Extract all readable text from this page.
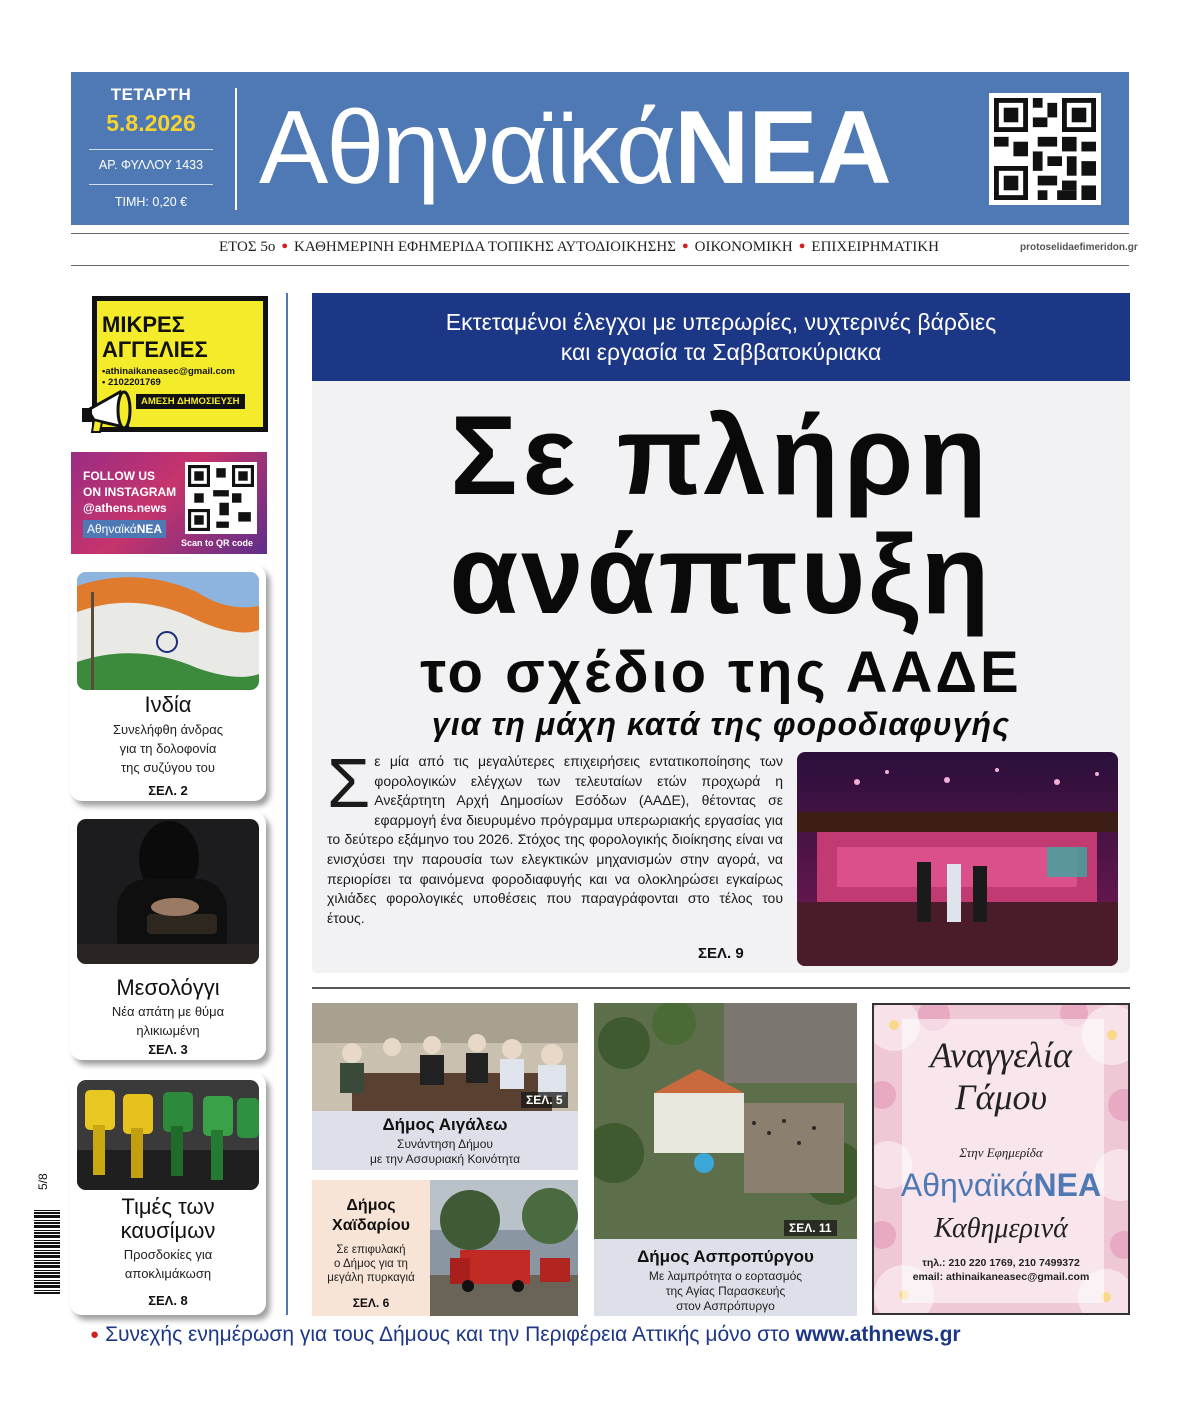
ΤΕΤΑΡΤΗ
5.8.2026
ΑΡ. ΦΥΛΛΟΥ 1433
ΤΙΜΗ: 0,20 € ΑθηναϊκάΝΕΑ
ΕΤΟΣ 5ο ● ΚΑΘΗΜΕΡΙΝΗ ΕΦΗΜΕΡΙΔΑ ΤΟΠΙΚΗΣ ΑΥΤΟΔΙΟΙΚΗΣΗΣ ● ΟΙΚΟΝΟΜΙΚΗ ● ΕΠΙΧΕΙΡΗΜΑΤΙΚΗ	protoselidaefimeridon.gr
ΜΙΚΡΕΣ
ΑΓΓΕΛΙΕΣ
•athinaikaneasec@gmail.com
• 2102201769
ΑΜΕΣΗ ΔΗΜΟΣΙΕΥΣΗ
FOLLOW US
ON INSTAGRAM
@athens.news
ΑθηναϊκάΝΕΑ
Scan to QR code
Ινδία
Συνελήφθη άνδρας
για τη δολοφονία
της συζύγου του
ΣΕΛ. 2
Μεσολόγγι
Νέα απάτη με θύμα
ηλικιωμένη
ΣΕΛ. 3
Τιμές των
καυσίμων
Προσδοκίες για
αποκλιμάκωση
ΣΕΛ. 8
5/8
Εκτεταμένοι έλεγχοι με υπερωρίες, νυχτερινές βάρδιες
και εργασία τα Σαββατοκύριακα
Σε πλήρη
ανάπτυξη
το σχέδιο της ΑΑΔΕ
για τη μάχη κατά της φοροδιαφυγής
Σε μία από τις μεγαλύτερες επιχειρήσεις εντατικοποίησης των φορολογικών ελέγχων των τελευταίων ετών προχωρά η Ανεξάρτητη Αρχή Δημοσίων Εσόδων (ΑΑΔΕ), θέτοντας σε εφαρμογή ένα διευρυμένο πρόγραμμα υπερωριακής εργασίας για το δεύτερο εξάμηνο του 2026. Στόχος της φορολογικής διοίκησης είναι να ενισχύσει την παρουσία των ελεγκτικών μηχανισμών στην αγορά, να περιορίσει τα φαινόμενα φοροδιαφυγής και να ολοκληρώσει εγκαίρως χιλιάδες φορολογικές υποθέσεις που παραγράφονται στο τέλος του έτους.
ΣΕΛ. 9
ΣΕΛ. 5
Δήμος Αιγάλεω
Συνάντηση Δήμου
με την Ασσυριακή Κοινότητα
Δήμος
Χαϊδαρίου
Σε επιφυλακή
ο Δήμος για τη
μεγάλη πυρκαγιά
ΣΕΛ. 6
ΣΕΛ. 11
Δήμος Ασπροπύργου
Με λαμπρότητα ο εορτασμός
της Αγίας Παρασκευής
στον Ασπρόπυργο
Αναγγελία
Γάμου
Στην Εφημερίδα
ΑθηναϊκάΝΕΑ
Καθημερινά
τηλ.: 210 220 1769, 210 7499372
email: athinaikaneasec@gmail.com
● Συνεχής ενημέρωση για τους Δήμους και την Περιφέρεια Αττικής μόνο στο www.athnews.gr
